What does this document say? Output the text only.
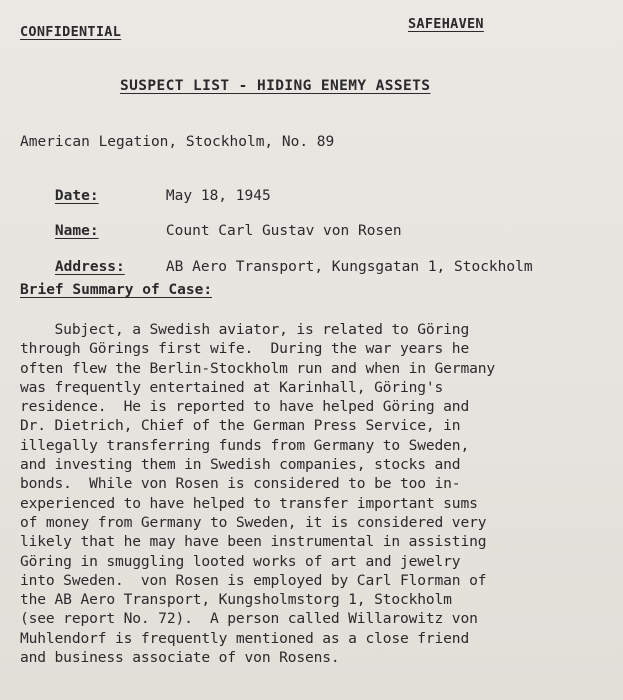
CONFIDENTIAL	SAFEHAVEN
SUSPECT LIST - HIDING ENEMY ASSETS
American Legation, Stockholm, No. 89

Date:	May 18, 1945

Name:	Count Carl Gustav von Rosen

Address:	AB Aero Transport, Kungsgatan 1, Stockholm

Brief Summary of Case:
Subject, a Swedish aviator, is related to Göring
through Görings first wife.  During the war years he
often flew the Berlin-Stockholm run and when in Germany
was frequently entertained at Karinhall, Göring's
residence.  He is reported to have helped Göring and
Dr. Dietrich, Chief of the German Press Service, in
illegally transferring funds from Germany to Sweden,
and investing them in Swedish companies, stocks and
bonds.  While von Rosen is considered to be too in-
experienced to have helped to transfer important sums
of money from Germany to Sweden, it is considered very
likely that he may have been instrumental in assisting
Göring in smuggling looted works of art and jewelry
into Sweden.  von Rosen is employed by Carl Florman of
the AB Aero Transport, Kungsholmstorg 1, Stockholm
(see report No. 72).  A person called Willarowitz von
Muhlendorf is frequently mentioned as a close friend
and business associate of von Rosens.
